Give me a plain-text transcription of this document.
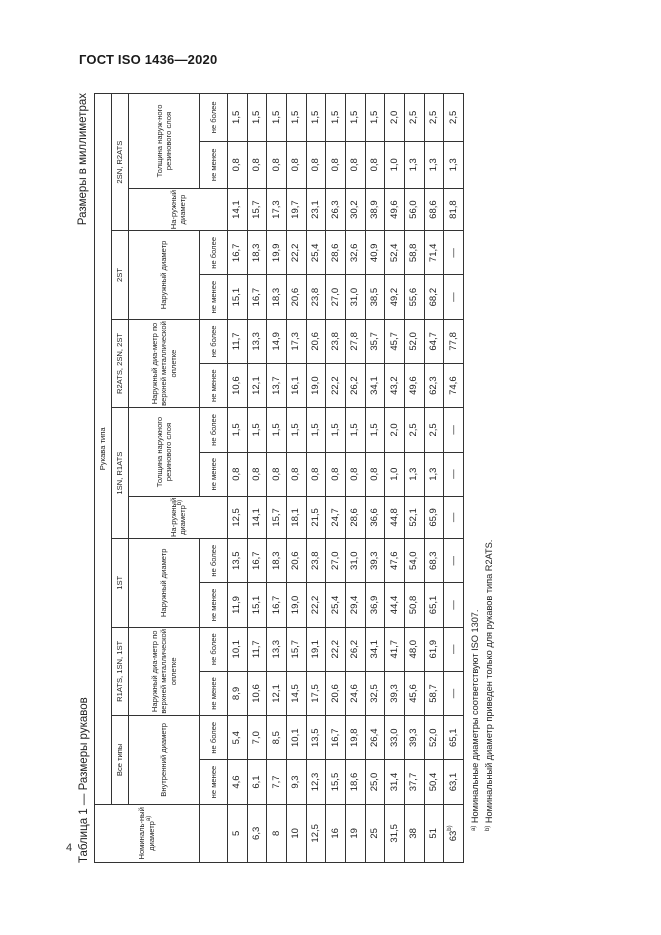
ГОСТ ISO 1436—2020
4 Таблица 1 — Размеры рукавов
Размеры в миллиметрах
Номиналь-ный диаметр$^{a)}$	Рукава типа															
	Все типы		R1ATS, 1SN, 1ST		1ST		1SN, R1ATS			R2ATS, 2SN, 2ST		2ST		2SN, R2ATS		
	Внутренний диаметр		Наружный диа-метр по верхней металлической оплетке		Наружный диаметр		На-ружный диаметр$^{b)}$	Толщина наружного резинового слоя		Наружный диа-метр по верхней металлической оплетке		Наружный диаметр		На-ружный диаметр	Толщина наруж-ного резинового слоя	
	не менее	не более	не менее	не более	не менее	не более		не менее	не более	не менее	не более	не менее	не более		не менее	не более
5	4,6	5,4	8,9	10,1	11,9	13,5	12,5	0,8	1,5	10,6	11,7	15,1	16,7	14,1	0,8	1,5
6,3	6,1	7,0	10,6	11,7	15,1	16,7	14,1	0,8	1,5	12,1	13,3	16,7	18,3	15,7	0,8	1,5
8	7,7	8,5	12,1	13,3	16,7	18,3	15,7	0,8	1,5	13,7	14,9	18,3	19,9	17,3	0,8	1,5
10	9,3	10,1	14,5	15,7	19,0	20,6	18,1	0,8	1,5	16,1	17,3	20,6	22,2	19,7	0,8	1,5
12,5	12,3	13,5	17,5	19,1	22,2	23,8	21,5	0,8	1,5	19,0	20,6	23,8	25,4	23,1	0,8	1,5
16	15,5	16,7	20,6	22,2	25,4	27,0	24,7	0,8	1,5	22,2	23,8	27,0	28,6	26,3	0,8	1,5
19	18,6	19,8	24,6	26,2	29,4	31,0	28,6	0,8	1,5	26,2	27,8	31,0	32,6	30,2	0,8	1,5
25	25,0	26,4	32,5	34,1	36,9	39,3	36,6	0,8	1,5	34,1	35,7	38,5	40,9	38,9	0,8	1,5
31,5	31,4	33,0	39,3	41,7	44,4	47,6	44,8	1,0	2,0	43,2	45,7	49,2	52,4	49,6	1,0	2,0
38	37,7	39,3	45,6	48,0	50,8	54,0	52,1	1,3	2,5	49,6	52,0	55,6	58,8	56,0	1,3	2,5
51	50,4	52,0	58,7	61,9	65,1	68,3	65,9	1,3	2,5	62,3	64,7	68,2	71,4	68,6	1,3	2,5
63$^{b)}$	63,1	65,1	—	—	—	—	—	—	—	74,6	77,8	—	—	81,8	1,3	2,5
$^{a)}$ Номинальные диаметры соответствуют ISO 1307.
$^{b)}$ Номинальный диаметр приведен только для рукавов типа R2ATS.
